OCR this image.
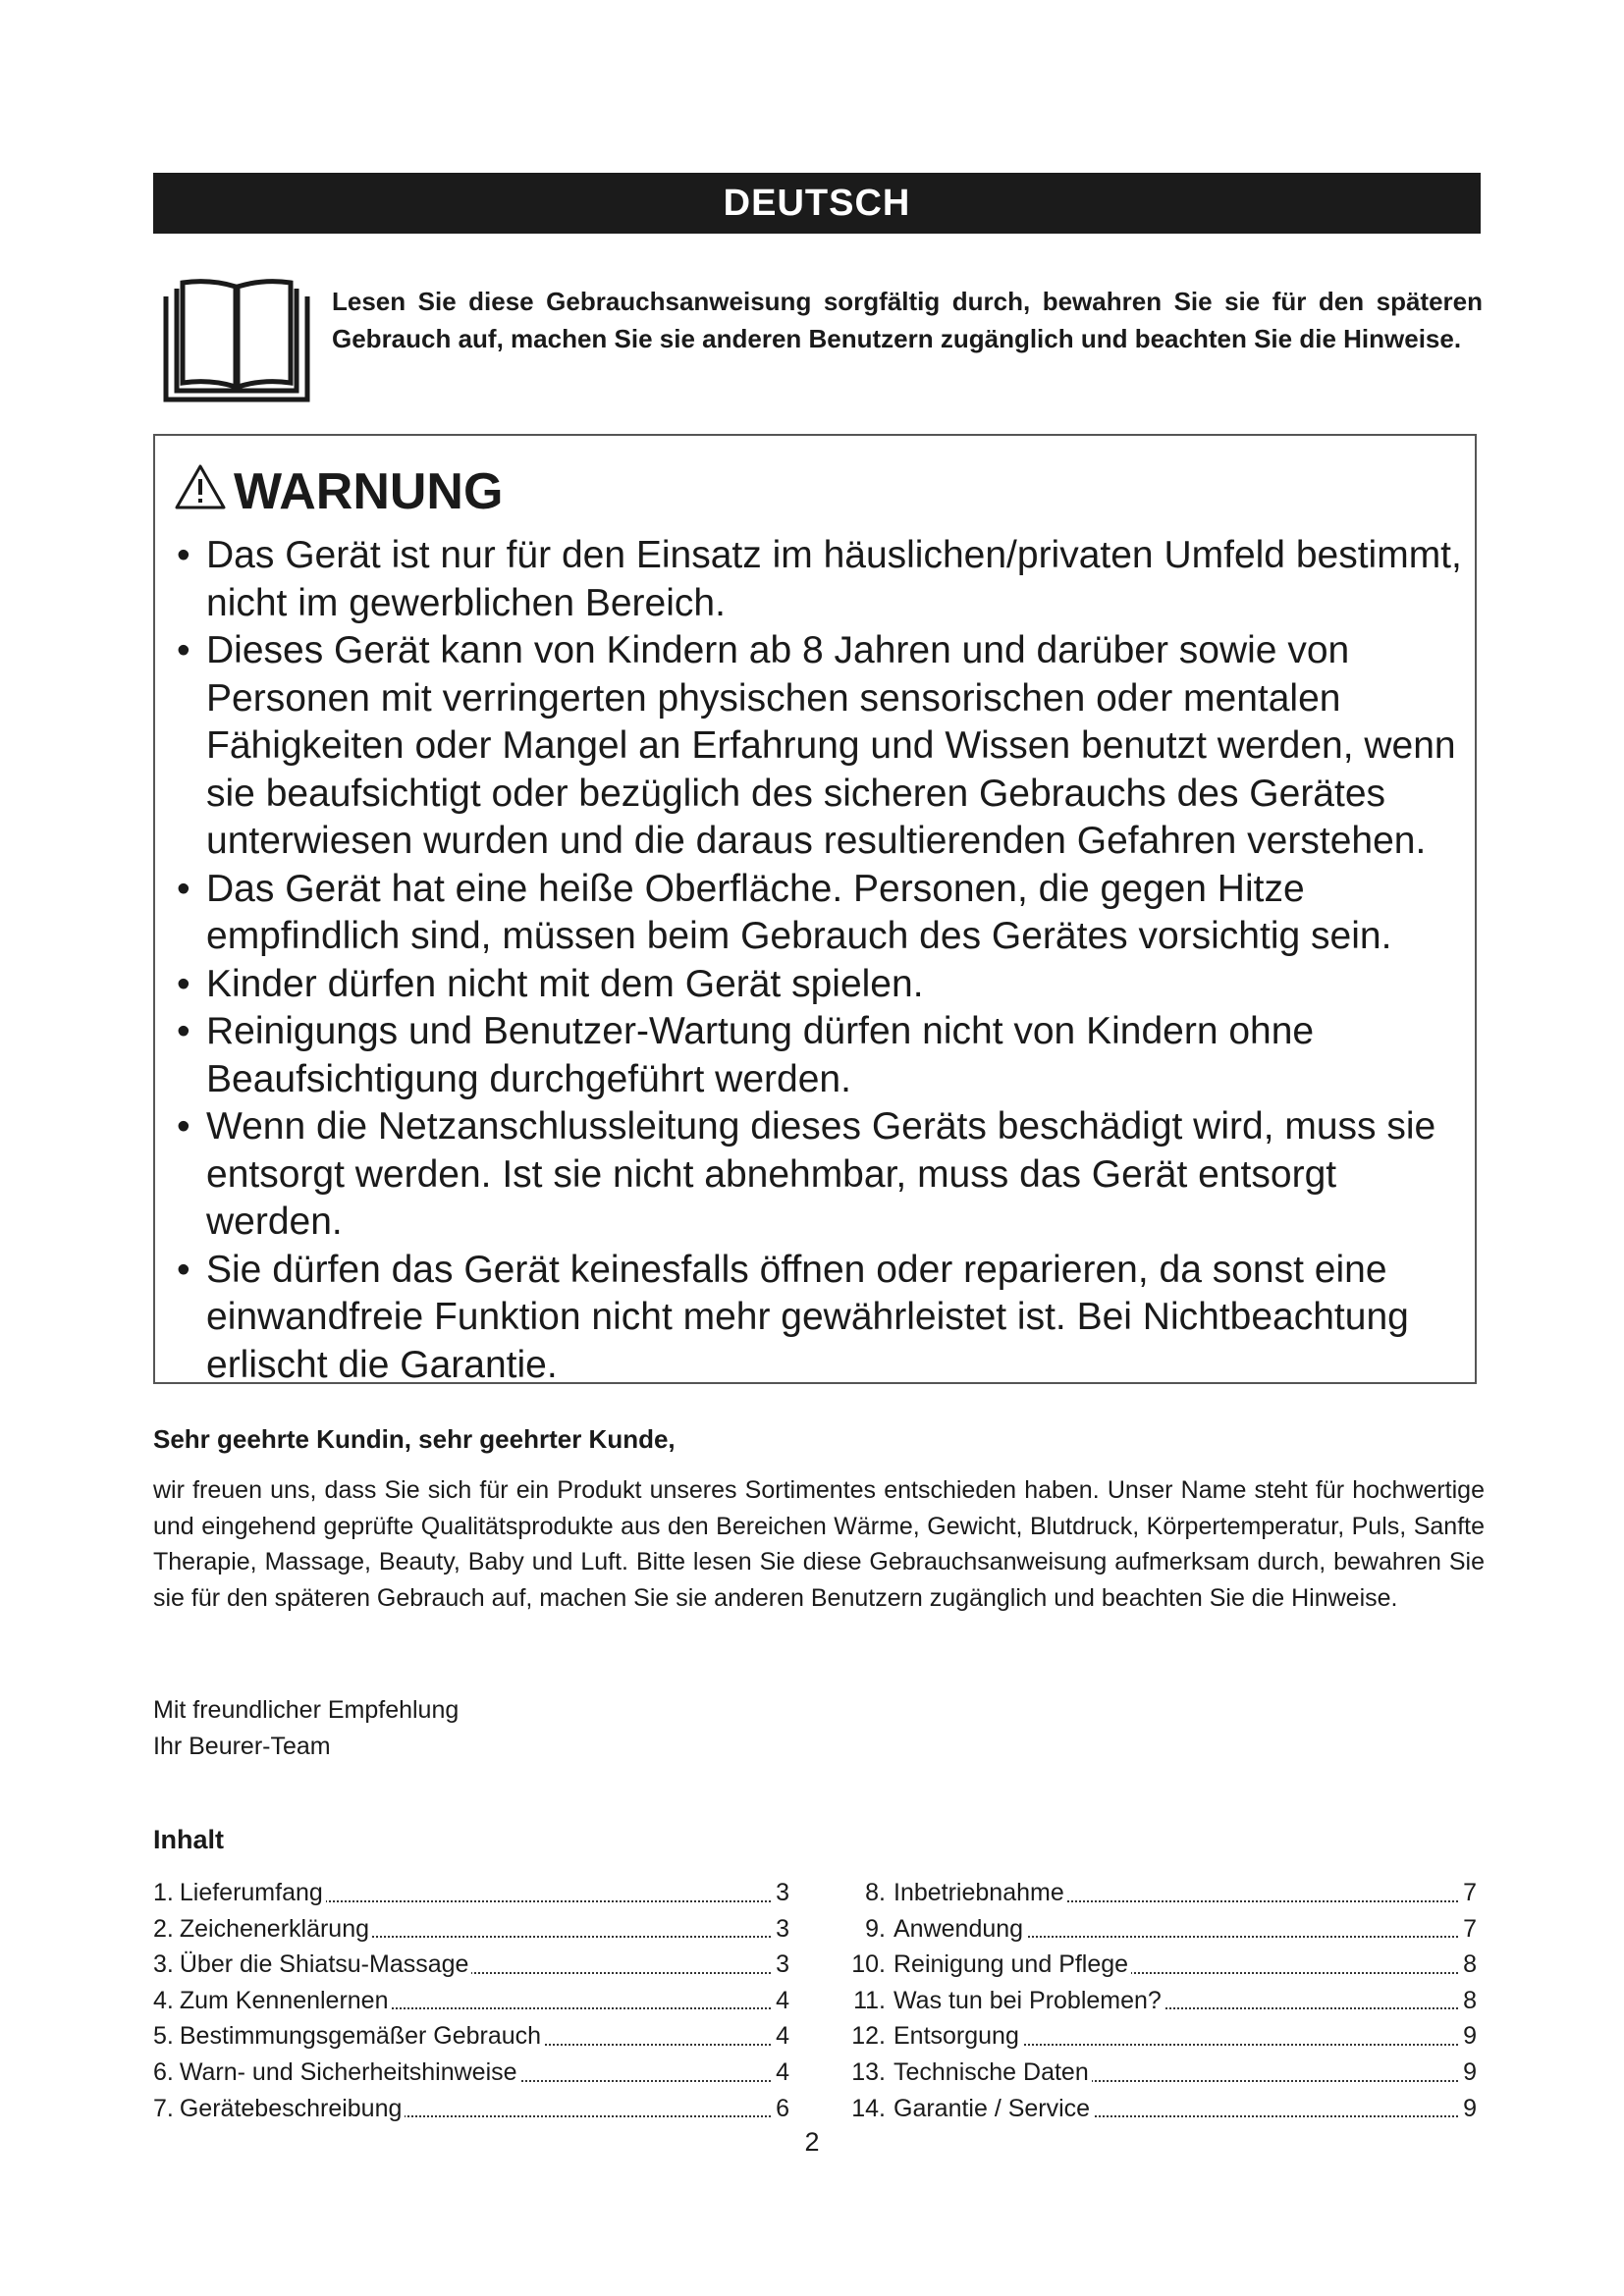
DEUTSCH
Lesen Sie diese Gebrauchsanweisung sorgfältig durch, bewahren Sie sie für den späteren Gebrauch auf, machen Sie sie anderen Benutzern zugänglich und beachten Sie die Hinweise.
WARNUNG
• Das Gerät ist nur für den Einsatz im häuslichen/privaten Umfeld bestimmt, nicht im gewerblichen Bereich.
• Dieses Gerät kann von Kindern ab 8 Jahren und darüber sowie von Personen mit verringerten physischen sensorischen oder mentalen Fähigkeiten oder Mangel an Erfahrung und Wissen benutzt werden, wenn sie beaufsichtigt oder bezüglich des sicheren Gebrauchs des Gerätes unterwiesen wurden und die daraus resultierenden Gefahren verstehen.
• Das Gerät hat eine heiße Oberfläche. Personen, die gegen Hitze empfindlich sind, müssen beim Gebrauch des Gerätes vorsichtig sein.
• Kinder dürfen nicht mit dem Gerät spielen.
• Reinigungs und Benutzer-Wartung dürfen nicht von Kindern ohne Beaufsichtigung durchgeführt werden.
• Wenn die Netzanschlussleitung dieses Geräts beschädigt wird, muss sie entsorgt werden. Ist sie nicht abnehmbar, muss das Gerät entsorgt werden.
• Sie dürfen das Gerät keinesfalls öffnen oder reparieren, da sonst eine einwandfreie Funktion nicht mehr gewährleistet ist. Bei Nichtbeachtung erlischt die Garantie.
Sehr geehrte Kundin, sehr geehrter Kunde,
wir freuen uns, dass Sie sich für ein Produkt unseres Sortimentes entschieden haben. Unser Name steht für hochwertige und eingehend geprüfte Qualitätsprodukte aus den Bereichen Wärme, Gewicht, Blutdruck, Körpertemperatur, Puls, Sanfte Therapie, Massage, Beauty, Baby und Luft. Bitte lesen Sie diese Gebrauchsanweisung aufmerksam durch, bewahren Sie sie für den späteren Gebrauch auf, machen Sie sie anderen Benutzern zugänglich und beachten Sie die Hinweise.
Mit freundlicher Empfehlung
Ihr Beurer-Team
Inhalt
1. Lieferumfang	3
2. Zeichenerklärung	3
3. Über die Shiatsu-Massage	3
4. Zum Kennenlernen	4
5. Bestimmungsgemäßer Gebrauch	4
6. Warn- und Sicherheitshinweise	4
7. Gerätebeschreibung	6
8. Inbetriebnahme	7
9. Anwendung	7
10. Reinigung und Pflege	8
11. Was tun bei Problemen?	8
12. Entsorgung	9
13. Technische Daten	9
14. Garantie / Service	9
2
